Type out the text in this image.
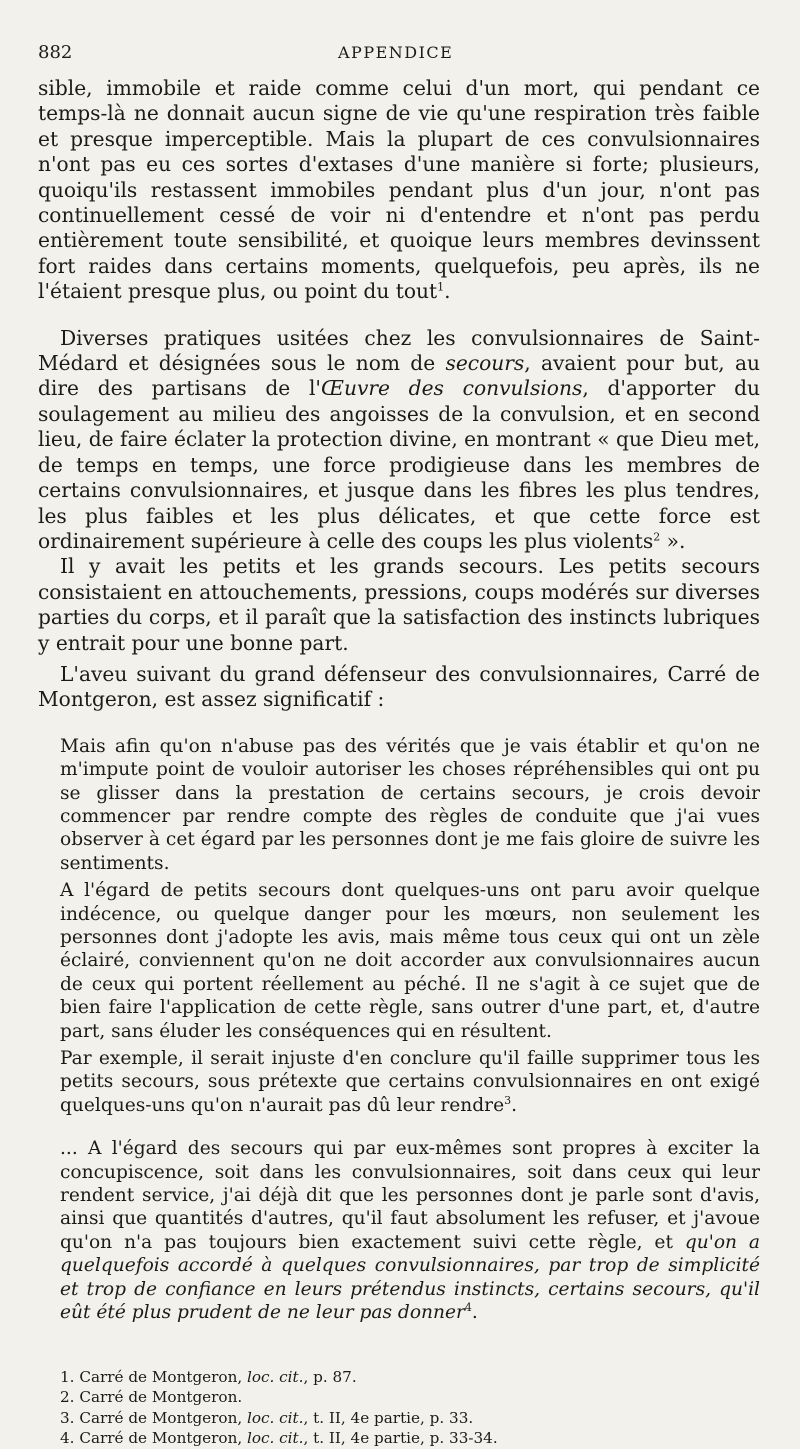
882	APPENDICE

sible, immobile et raide comme celui d'un mort, qui pendant ce temps-là ne donnait aucun signe de vie qu'une respiration très faible et presque imperceptible. Mais la plupart de ces convulsionnaires n'ont pas eu ces sortes d'extases d'une manière si forte; plusieurs, quoiqu'ils restassent immobiles pendant plus d'un jour, n'ont pas continuellement cessé de voir ni d'entendre et n'ont pas perdu entièrement toute sensibilité, et quoique leurs membres devinssent fort raides dans certains moments, quelquefois, peu après, ils ne l'étaient presque plus, ou point du tout$^1$.

Diverses pratiques usitées chez les convulsionnaires de Saint-Médard et désignées sous le nom de secours, avaient pour but, au dire des partisans de l'Œuvre des convulsions, d'apporter du soulagement au milieu des angoisses de la convulsion, et en second lieu, de faire éclater la protection divine, en montrant « que Dieu met, de temps en temps, une force prodigieuse dans les membres de certains convulsionnaires, et jusque dans les fibres les plus tendres, les plus faibles et les plus délicates, et que cette force est ordinairement supérieure à celle des coups les plus violents$^2$ ».

Il y avait les petits et les grands secours. Les petits secours consistaient en attouchements, pressions, coups modérés sur diverses parties du corps, et il paraît que la satisfaction des instincts lubriques y entrait pour une bonne part.

L'aveu suivant du grand défenseur des convulsionnaires, Carré de Montgeron, est assez significatif :

Mais afin qu'on n'abuse pas des vérités que je vais établir et qu'on ne m'impute point de vouloir autoriser les choses répréhensibles qui ont pu se glisser dans la prestation de certains secours, je crois devoir commencer par rendre compte des règles de conduite que j'ai vues observer à cet égard par les personnes dont je me fais gloire de suivre les sentiments.

A l'égard de petits secours dont quelques-uns ont paru avoir quelque indécence, ou quelque danger pour les mœurs, non seulement les personnes dont j'adopte les avis, mais même tous ceux qui ont un zèle éclairé, conviennent qu'on ne doit accorder aux convulsionnaires aucun de ceux qui portent réellement au péché. Il ne s'agit à ce sujet que de bien faire l'application de cette règle, sans outrer d'une part, et, d'autre part, sans éluder les conséquences qui en résultent.

Par exemple, il serait injuste d'en conclure qu'il faille supprimer tous les petits secours, sous prétexte que certains convulsionnaires en ont exigé quelques-uns qu'on n'aurait pas dû leur rendre$^3$.

... A l'égard des secours qui par eux-mêmes sont propres à exciter la concupiscence, soit dans les convulsionnaires, soit dans ceux qui leur rendent service, j'ai déjà dit que les personnes dont je parle sont d'avis, ainsi que quantités d'autres, qu'il faut absolument les refuser, et j'avoue qu'on n'a pas toujours bien exactement suivi cette règle, et qu'on a quelquefois accordé à quelques convulsionnaires, par trop de simplicité et trop de confiance en leurs prétendus instincts, certains secours, qu'il eût été plus prudent de ne leur pas donner$^4$.

1. Carré de Montgeron, loc. cit., p. 87.
2. Carré de Montgeron.
3. Carré de Montgeron, loc. cit., t. II, 4e partie, p. 33.
4. Carré de Montgeron, loc. cit., t. II, 4e partie, p. 33-34.
